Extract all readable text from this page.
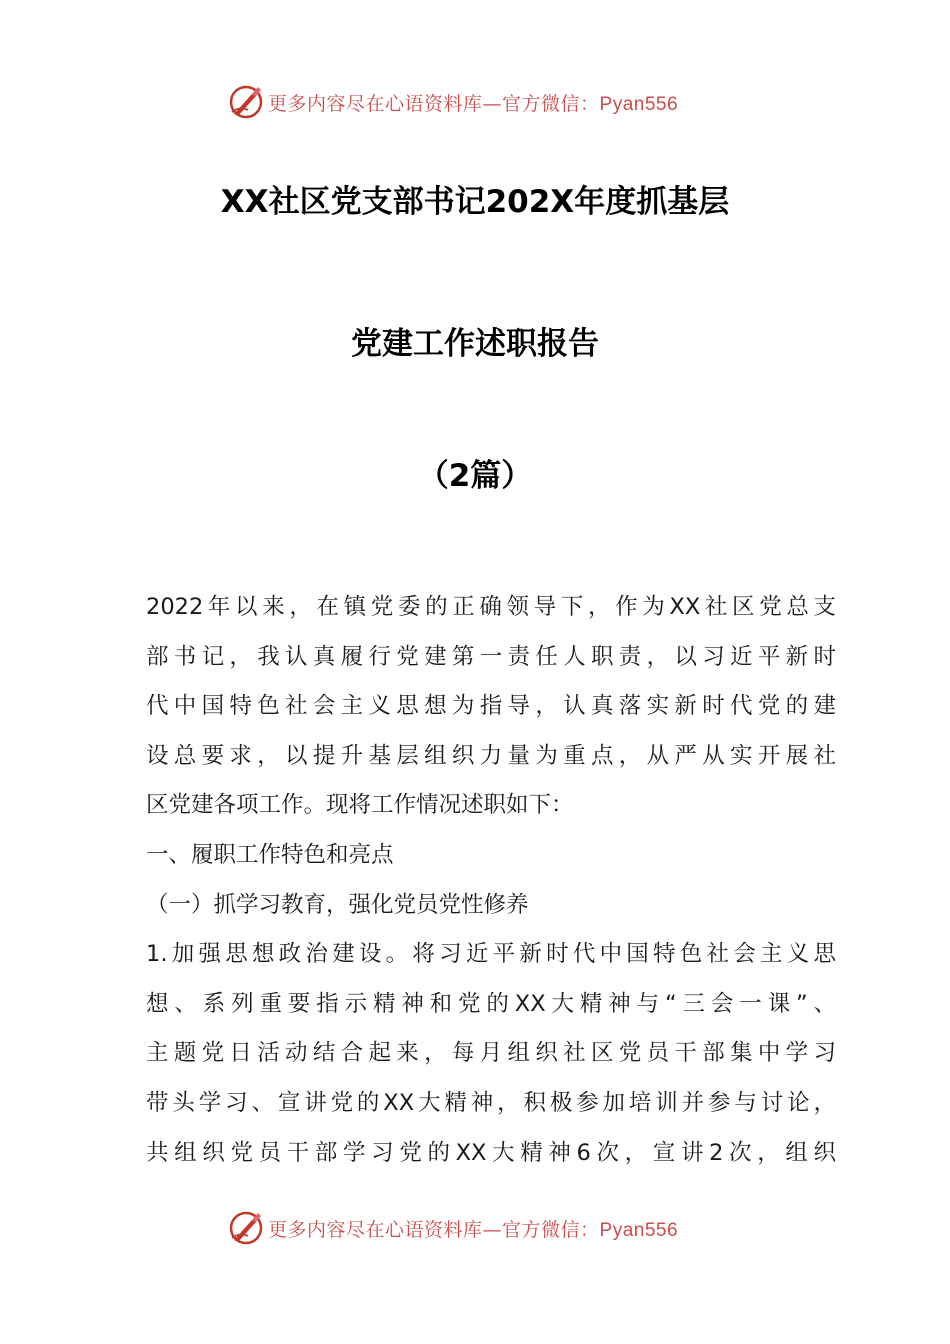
更多内容尽在心语资料库—官方微信：Pyan556
XX社区党支部书记202X年度抓基层
党建工作述职报告
（2篇）
2022年以来，在镇党委的正确领导下，作为XX社区党总支
部书记，我认真履行党建第一责任人职责，以习近平新时
代中国特色社会主义思想为指导，认真落实新时代党的建
设总要求，以提升基层组织力量为重点，从严从实开展社
区党建各项工作。现将工作情况述职如下：
一、履职工作特色和亮点
（一）抓学习教育，强化党员党性修养
1.加强思想政治建设。将习近平新时代中国特色社会主义思
想、系列重要指示精神和党的XX大精神与“三会一课”、
主题党日活动结合起来，每月组织社区党员干部集中学习
带头学习、宣讲党的XX大精神，积极参加培训并参与讨论，
共组织党员干部学习党的XX大精神6次，宣讲2次，组织
更多内容尽在心语资料库—官方微信：Pyan556
